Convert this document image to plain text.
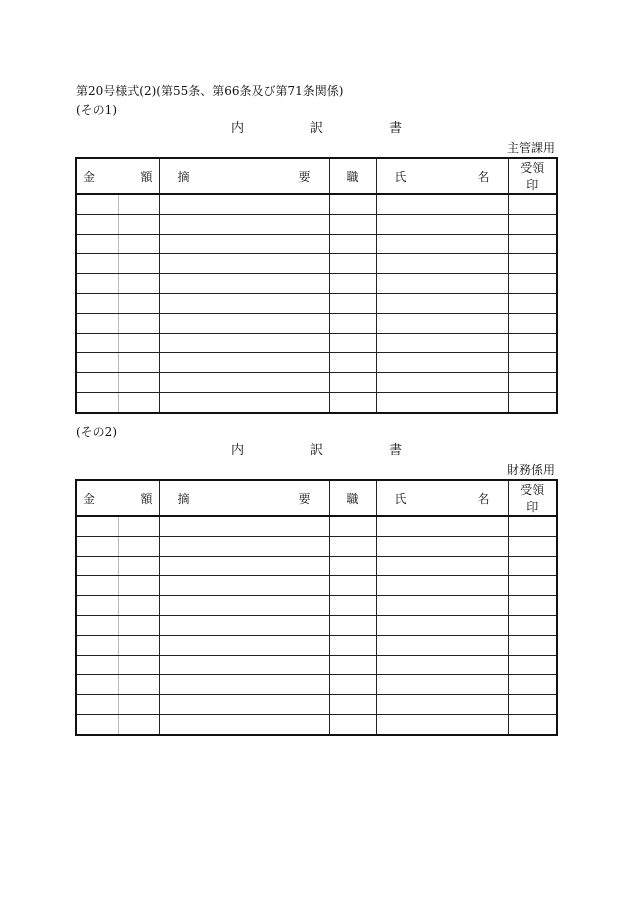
第20号様式(2)(第55条、第66条及び第71条関係)
(その1)
内	訳	書
主管課用
金 額		摘 要	職	氏 名	受領印

(その2)
内	訳	書
財務係用
金 額		摘 要	職	氏 名	受領印
